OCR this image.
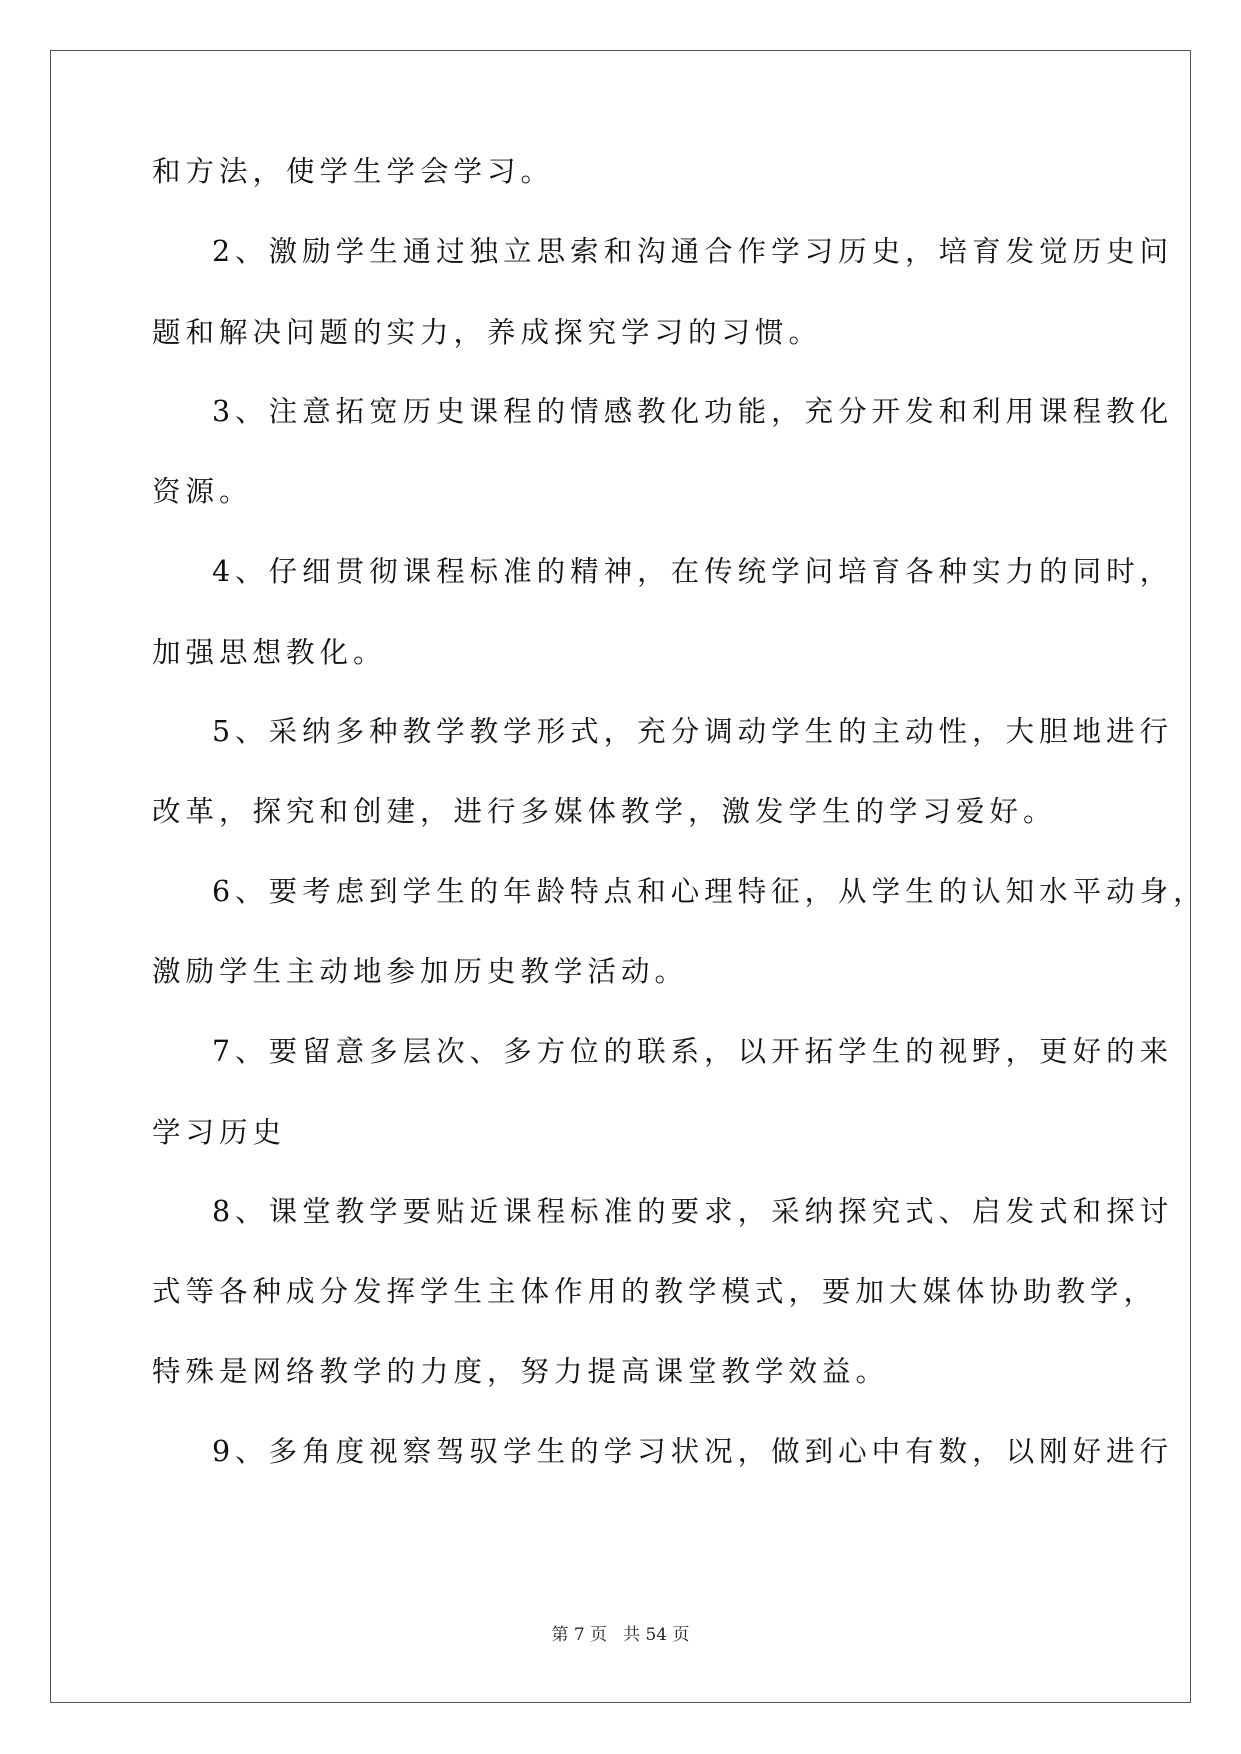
和方法，使学生学会学习。
2、激励学生通过独立思索和沟通合作学习历史，培育发觉历史问
题和解决问题的实力，养成探究学习的习惯。
3、注意拓宽历史课程的情感教化功能，充分开发和利用课程教化
资源。
4、仔细贯彻课程标准的精神，在传统学问培育各种实力的同时，
加强思想教化。
5、采纳多种教学教学形式，充分调动学生的主动性，大胆地进行
改革，探究和创建，进行多媒体教学，激发学生的学习爱好。
6、要考虑到学生的年龄特点和心理特征，从学生的认知水平动身，
激励学生主动地参加历史教学活动。
7、要留意多层次、多方位的联系，以开拓学生的视野，更好的来
学习历史
8、课堂教学要贴近课程标准的要求，采纳探究式、启发式和探讨
式等各种成分发挥学生主体作用的教学模式，要加大媒体协助教学，
特殊是网络教学的力度，努力提高课堂教学效益。
9、多角度视察驾驭学生的学习状况，做到心中有数，以刚好进行
第 7 页 共 54 页
